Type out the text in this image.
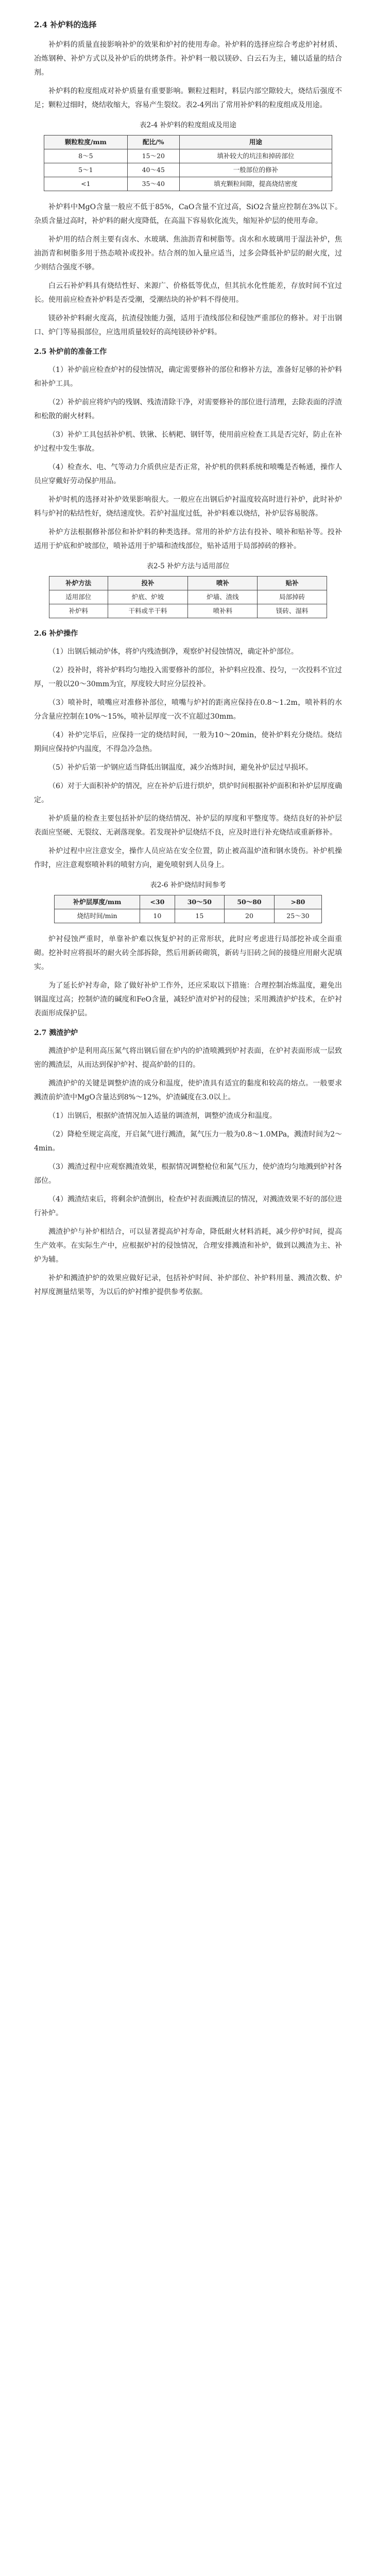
2.4 补炉料的选择

补炉料的质量直接影响补炉的效果和炉衬的使用寿命。补炉料的选择应综合考虑炉衬材质、冶炼钢种、补炉方式以及补炉后的烘烤条件。补炉料一般以镁砂、白云石为主，辅以适量的结合剂。

补炉料的粒度组成对补炉质量有重要影响。颗粒过粗时，料层内部空隙较大，烧结后强度不足；颗粒过细时，烧结收缩大，容易产生裂纹。表2-4列出了常用补炉料的粒度组成及用途。

表2-4 补炉料的粒度组成及用途
颗粒粒度/mm	配比/%	用途
8～5	15～20	填补较大的坑洼和掉砖部位
5～1	40～45	一般部位的修补
<1	35～40	填充颗粒间隙，提高烧结密度

补炉料中MgO含量一般应不低于85%，CaO含量不宜过高，SiO2含量应控制在3%以下。杂质含量过高时，补炉料的耐火度降低，在高温下容易软化流失，缩短补炉层的使用寿命。

补炉用的结合剂主要有卤水、水玻璃、焦油沥青和树脂等。卤水和水玻璃用于湿法补炉，焦油沥青和树脂多用于热态喷补或投补。结合剂的加入量应适当，过多会降低补炉层的耐火度，过少则结合强度不够。

白云石补炉料具有烧结性好、来源广、价格低等优点，但其抗水化性能差，存放时间不宜过长。使用前应检查补炉料是否受潮，受潮结块的补炉料不得使用。

镁砂补炉料耐火度高，抗渣侵蚀能力强，适用于渣线部位和侵蚀严重部位的修补。对于出钢口、炉门等易损部位，应选用质量较好的高纯镁砂补炉料。

2.5 补炉前的准备工作

（1）补炉前应检查炉衬的侵蚀情况，确定需要修补的部位和修补方法，准备好足够的补炉料和补炉工具。

（2）补炉前应将炉内的残钢、残渣清除干净，对需要修补的部位进行清理，去除表面的浮渣和松散的耐火材料。

（3）补炉工具包括补炉机、铁锹、长柄耙、钢钎等，使用前应检查工具是否完好，防止在补炉过程中发生事故。

（4）检查水、电、气等动力介质供应是否正常，补炉机的供料系统和喷嘴是否畅通，操作人员应穿戴好劳动保护用品。

补炉时机的选择对补炉效果影响很大。一般应在出钢后炉衬温度较高时进行补炉，此时补炉料与炉衬的粘结性好，烧结速度快。若炉衬温度过低，补炉料难以烧结，补炉层容易脱落。

补炉方法根据修补部位和补炉料的种类选择。常用的补炉方法有投补、喷补和贴补等。投补适用于炉底和炉坡部位，喷补适用于炉墙和渣线部位，贴补适用于局部掉砖的修补。

表2-5 补炉方法与适用部位
补炉方法	投补	喷补	贴补
适用部位	炉底、炉坡	炉墙、渣线	局部掉砖
补炉料	干料或半干料	喷补料	镁砖、湿料
2.6 补炉操作

（1）出钢后倾动炉体，将炉内残渣倒净，观察炉衬侵蚀情况，确定补炉部位。

（2）投补时，将补炉料均匀地投入需要修补的部位，补炉料应投准、投匀，一次投料不宜过厚，一般以20～30mm为宜，厚度较大时应分层投补。

（3）喷补时，喷嘴应对准修补部位，喷嘴与炉衬的距离应保持在0.8～1.2m，喷补料的水分含量应控制在10%～15%，喷补层厚度一次不宜超过30mm。

（4）补炉完毕后，应保持一定的烧结时间，一般为10～20min，使补炉料充分烧结。烧结期间应保持炉内温度，不得急冷急热。

（5）补炉后第一炉钢应适当降低出钢温度，减少冶炼时间，避免补炉层过早损坏。

（6）对于大面积补炉的情况，应在补炉后进行烘炉，烘炉时间根据补炉面积和补炉层厚度确定。

补炉质量的检查主要包括补炉层的烧结情况、补炉层的厚度和平整度等。烧结良好的补炉层表面应坚硬、无裂纹、无剥落现象。若发现补炉层烧结不良，应及时进行补充烧结或重新修补。

补炉过程中应注意安全，操作人员应站在安全位置，防止被高温炉渣和钢水烫伤。补炉机操作时，应注意观察喷补料的喷射方向，避免喷射到人员身上。

表2-6 补炉烧结时间参考
补炉层厚度/mm	<30	30～50	50～80	>80
烧结时间/min	10	15	20	25～30

炉衬侵蚀严重时，单靠补炉难以恢复炉衬的正常形状，此时应考虑进行局部挖补或全面重砌。挖补时应将损坏的耐火砖全部拆除，然后用新砖砌筑，新砖与旧砖之间的接缝应用耐火泥填实。

为了延长炉衬寿命，除了做好补炉工作外，还应采取以下措施：合理控制冶炼温度，避免出钢温度过高；控制炉渣的碱度和FeO含量，减轻炉渣对炉衬的侵蚀；采用溅渣护炉技术，在炉衬表面形成保护层。

2.7 溅渣护炉

溅渣护炉是利用高压氮气将出钢后留在炉内的炉渣喷溅到炉衬表面，在炉衬表面形成一层致密的溅渣层，从而达到保护炉衬、提高炉龄的目的。

溅渣护炉的关键是调整炉渣的成分和温度，使炉渣具有适宜的黏度和较高的熔点。一般要求溅渣前炉渣中MgO含量达到8%～12%，炉渣碱度在3.0以上。

（1）出钢后，根据炉渣情况加入适量的调渣剂，调整炉渣成分和温度。

（2）降枪至规定高度，开启氮气进行溅渣，氮气压力一般为0.8～1.0MPa，溅渣时间为2～4min。

（3）溅渣过程中应观察溅渣效果，根据情况调整枪位和氮气压力，使炉渣均匀地溅到炉衬各部位。

（4）溅渣结束后，将剩余炉渣倒出，检查炉衬表面溅渣层的情况，对溅渣效果不好的部位进行补炉。

溅渣护炉与补炉相结合，可以显著提高炉衬寿命，降低耐火材料消耗，减少停炉时间，提高生产效率。在实际生产中，应根据炉衬的侵蚀情况，合理安排溅渣和补炉，做到以溅渣为主、补炉为辅。

补炉和溅渣护炉的效果应做好记录，包括补炉时间、补炉部位、补炉料用量、溅渣次数、炉衬厚度测量结果等，为以后的炉衬维护提供参考依据。
